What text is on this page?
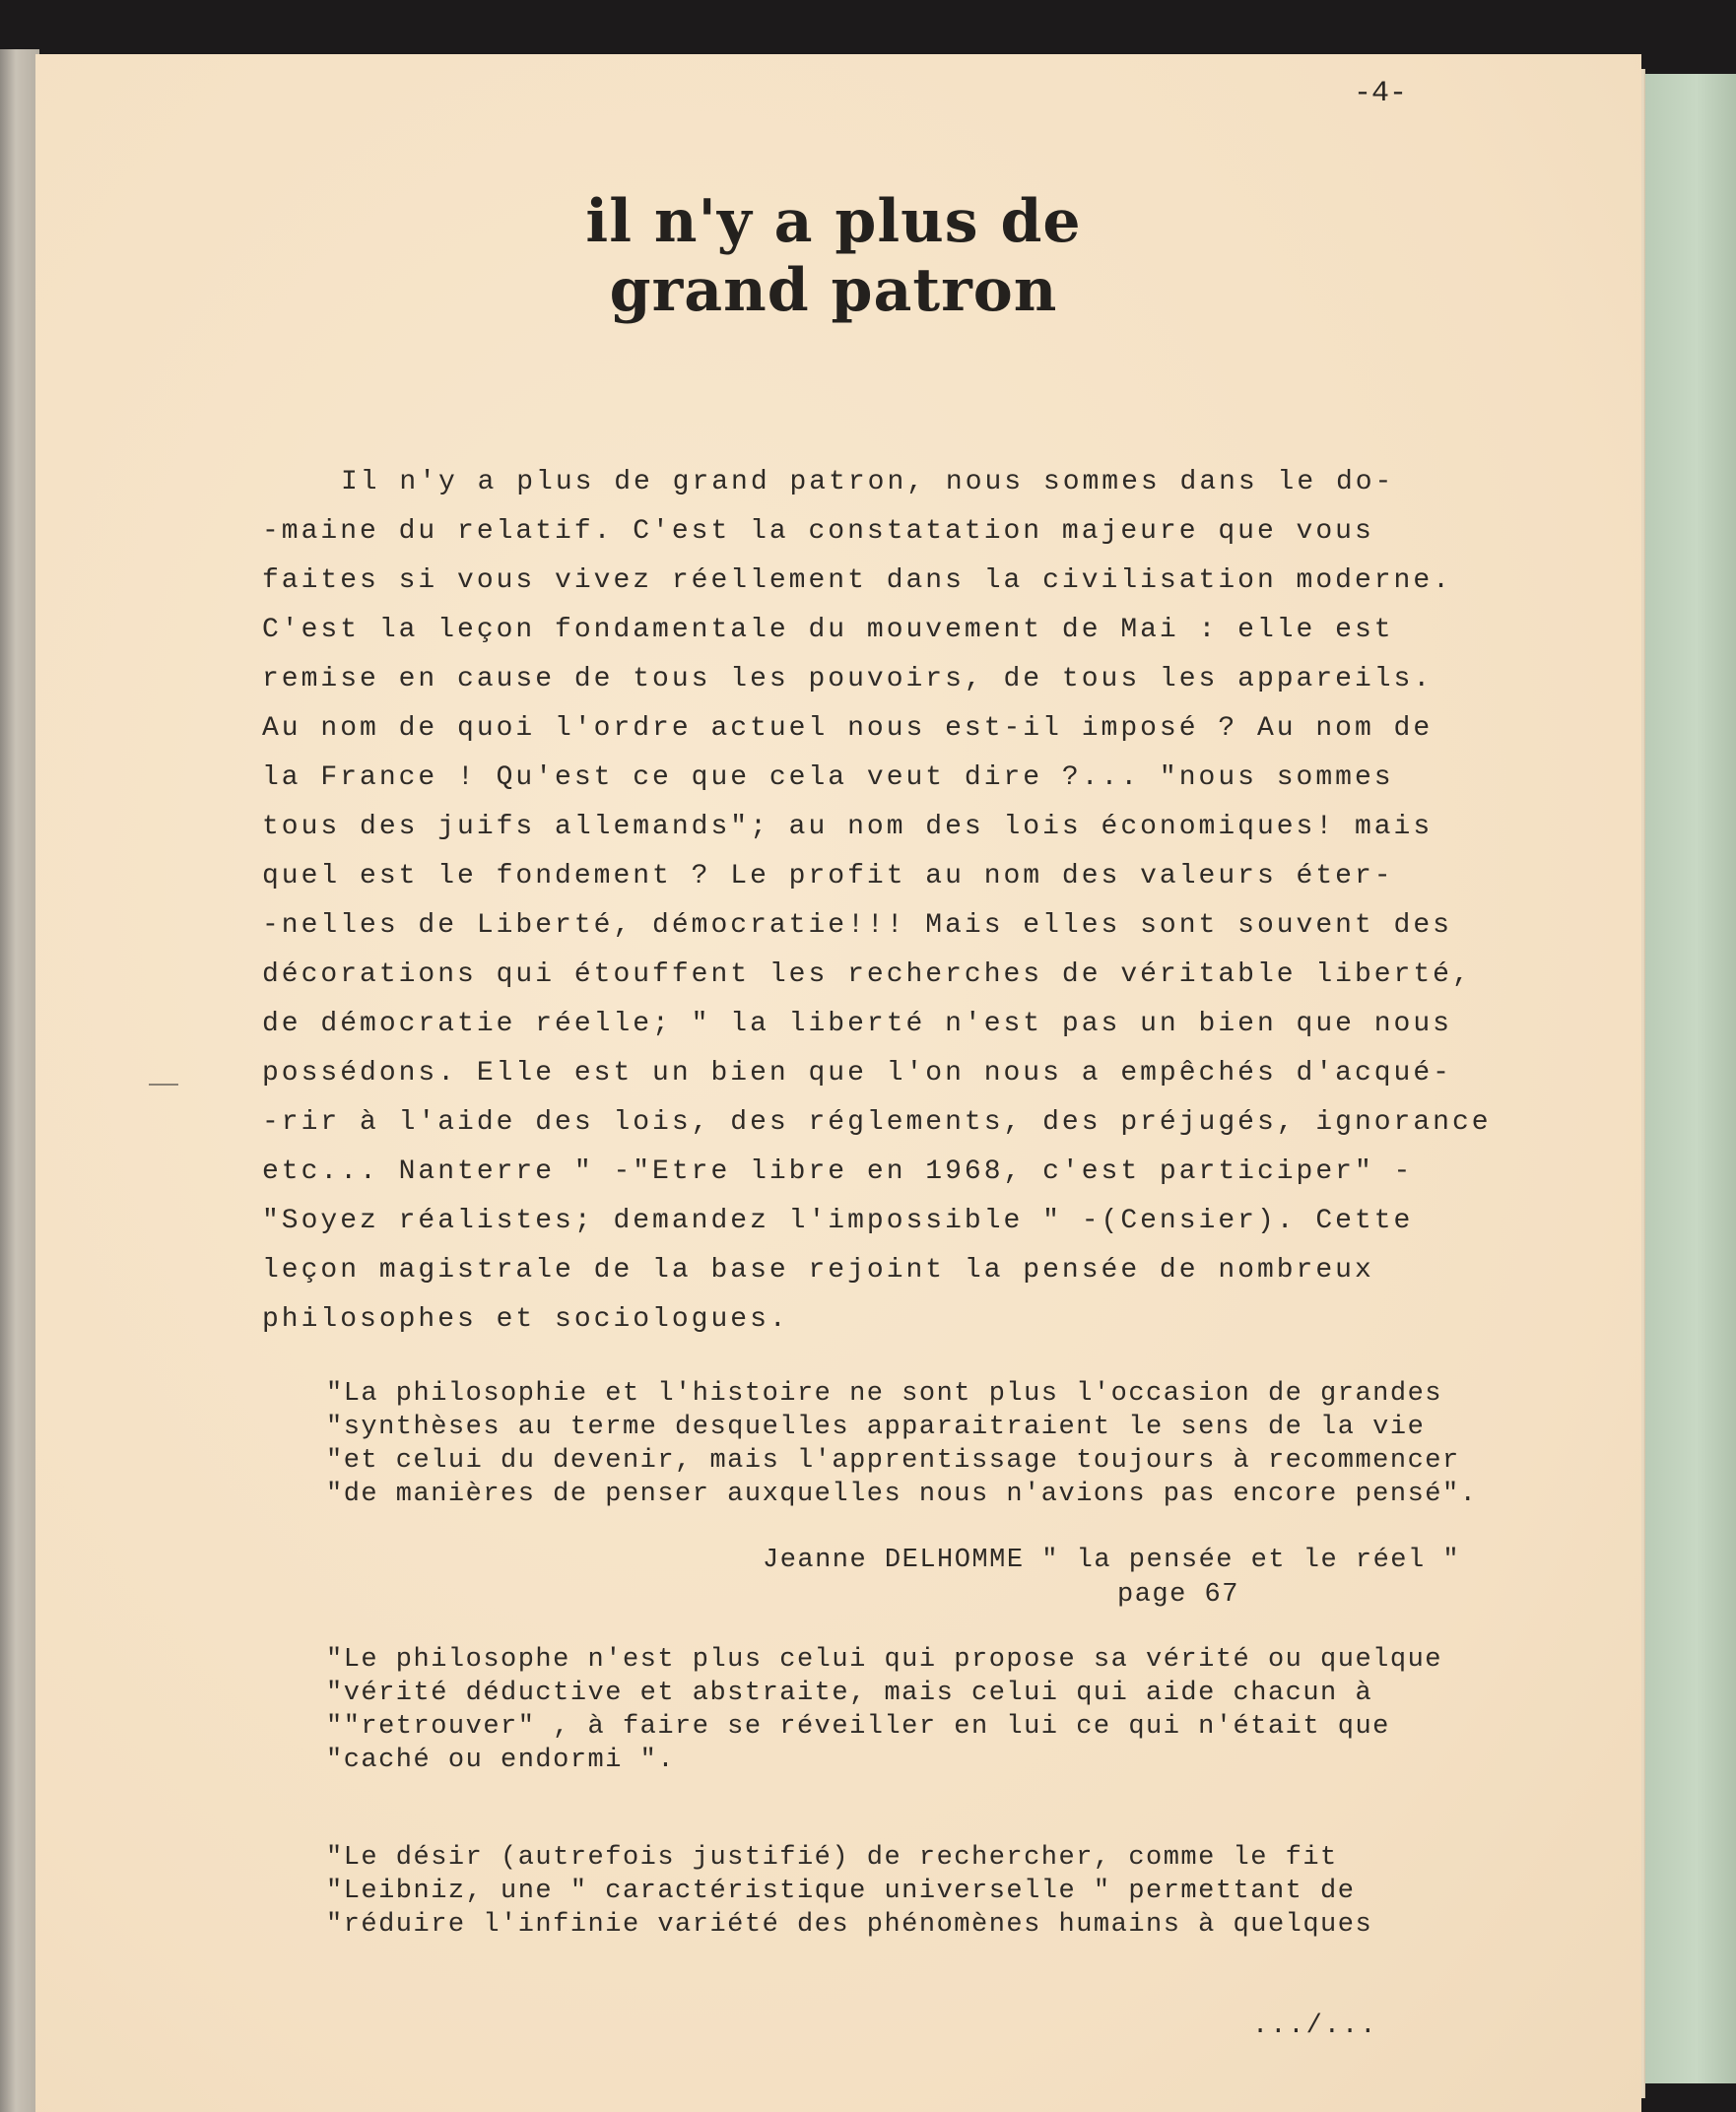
-4-
il n'y a plus de
grand patron
Il n'y a plus de grand patron, nous sommes dans le do-
-maine du relatif. C'est la constatation majeure que vous
faites si vous vivez réellement dans la civilisation moderne.
C'est la leçon fondamentale du mouvement de Mai : elle est
remise en cause de tous les pouvoirs, de tous les appareils.
Au nom de quoi l'ordre actuel nous est-il imposé ? Au nom de
la France ! Qu'est ce que cela veut dire ?... "nous sommes
tous des juifs allemands"; au nom des lois économiques! mais
quel est le fondement ? Le profit au nom des valeurs éter-
-nelles de Liberté, démocratie!!! Mais elles sont souvent des
décorations qui étouffent les recherches de véritable liberté,
de démocratie réelle; " la liberté n'est pas un bien que nous
possédons. Elle est un bien que l'on nous a empêchés d'acqué-
-rir à l'aide des lois, des réglements, des préjugés, ignorance
etc... Nanterre " -"Etre libre en 1968, c'est participer" -
"Soyez réalistes; demandez l'impossible " -(Censier). Cette
leçon magistrale de la base rejoint la pensée de nombreux
philosophes et sociologues.
"La philosophie et l'histoire ne sont plus l'occasion de grandes
"synthèses au terme desquelles apparaitraient le sens de la vie
"et celui du devenir, mais l'apprentissage toujours à recommencer
"de manières de penser auxquelles nous n'avions pas encore pensé".
Jeanne DELHOMME " la pensée et le réel "
page 67
"Le philosophe n'est plus celui qui propose sa vérité ou quelque
"vérité déductive et abstraite, mais celui qui aide chacun à
""retrouver" , à faire se réveiller en lui ce qui n'était que
"caché ou endormi ".
"Le désir (autrefois justifié) de rechercher, comme le fit
"Leibniz, une " caractéristique universelle " permettant de
"réduire l'infinie variété des phénomènes humains à quelques
.../...
